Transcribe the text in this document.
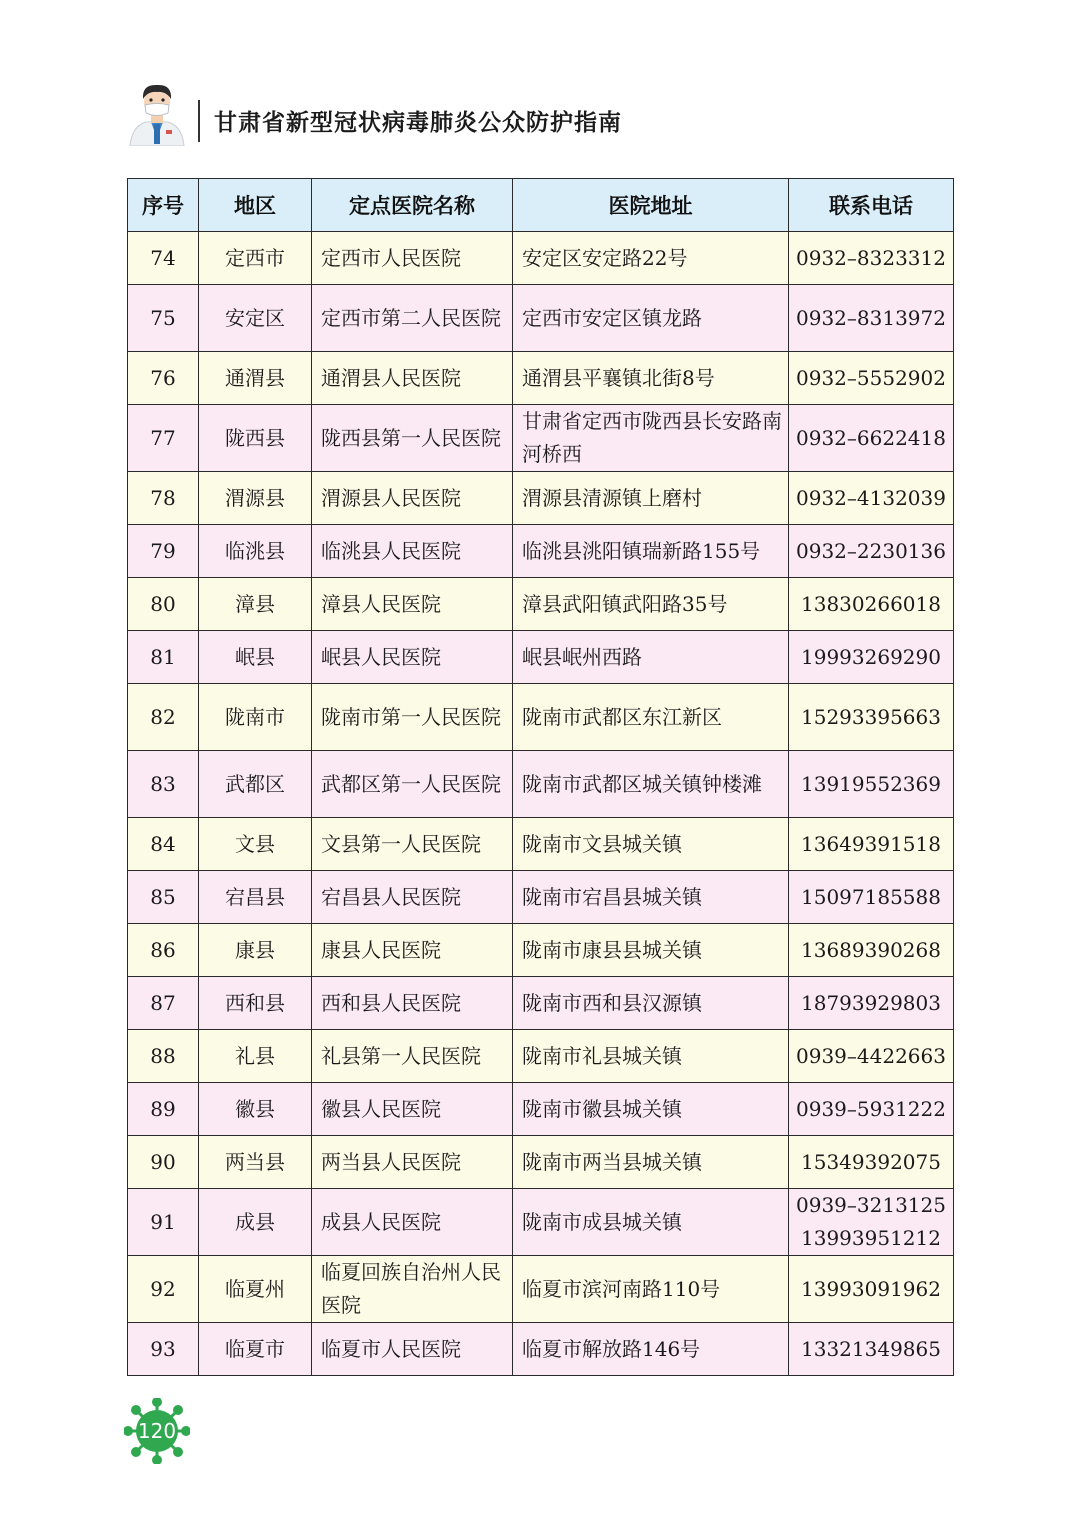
甘肃省新型冠状病毒肺炎公众防护指南
序号	地区	定点医院名称	医院地址	联系电话
74	定西市	定西市人民医院	安定区安定路22号	0932–8323312
75	安定区	定西市第二人民医院	定西市安定区镇龙路	0932–8313972
76	通渭县	通渭县人民医院	通渭县平襄镇北街8号	0932–5552902
77	陇西县	陇西县第一人民医院	甘肃省定西市陇西县长安路南河桥西	0932–6622418
78	渭源县	渭源县人民医院	渭源县清源镇上磨村	0932–4132039
79	临洮县	临洮县人民医院	临洮县洮阳镇瑞新路155号	0932–2230136
80	漳县	漳县人民医院	漳县武阳镇武阳路35号	13830266018
81	岷县	岷县人民医院	岷县岷州西路	19993269290
82	陇南市	陇南市第一人民医院	陇南市武都区东江新区	15293395663
83	武都区	武都区第一人民医院	陇南市武都区城关镇钟楼滩	13919552369
84	文县	文县第一人民医院	陇南市文县城关镇	13649391518
85	宕昌县	宕昌县人民医院	陇南市宕昌县城关镇	15097185588
86	康县	康县人民医院	陇南市康县县城关镇	13689390268
87	西和县	西和县人民医院	陇南市西和县汉源镇	18793929803
88	礼县	礼县第一人民医院	陇南市礼县城关镇	0939–4422663
89	徽县	徽县人民医院	陇南市徽县城关镇	0939–5931222
90	两当县	两当县人民医院	陇南市两当县城关镇	15349392075
91	成县	成县人民医院	陇南市成县城关镇	0939–3213125
13993951212

92	临夏州	临夏回族自治州人民医院	临夏市滨河南路110号	13993091962
93	临夏市	临夏市人民医院	临夏市解放路146号	13321349865
120
